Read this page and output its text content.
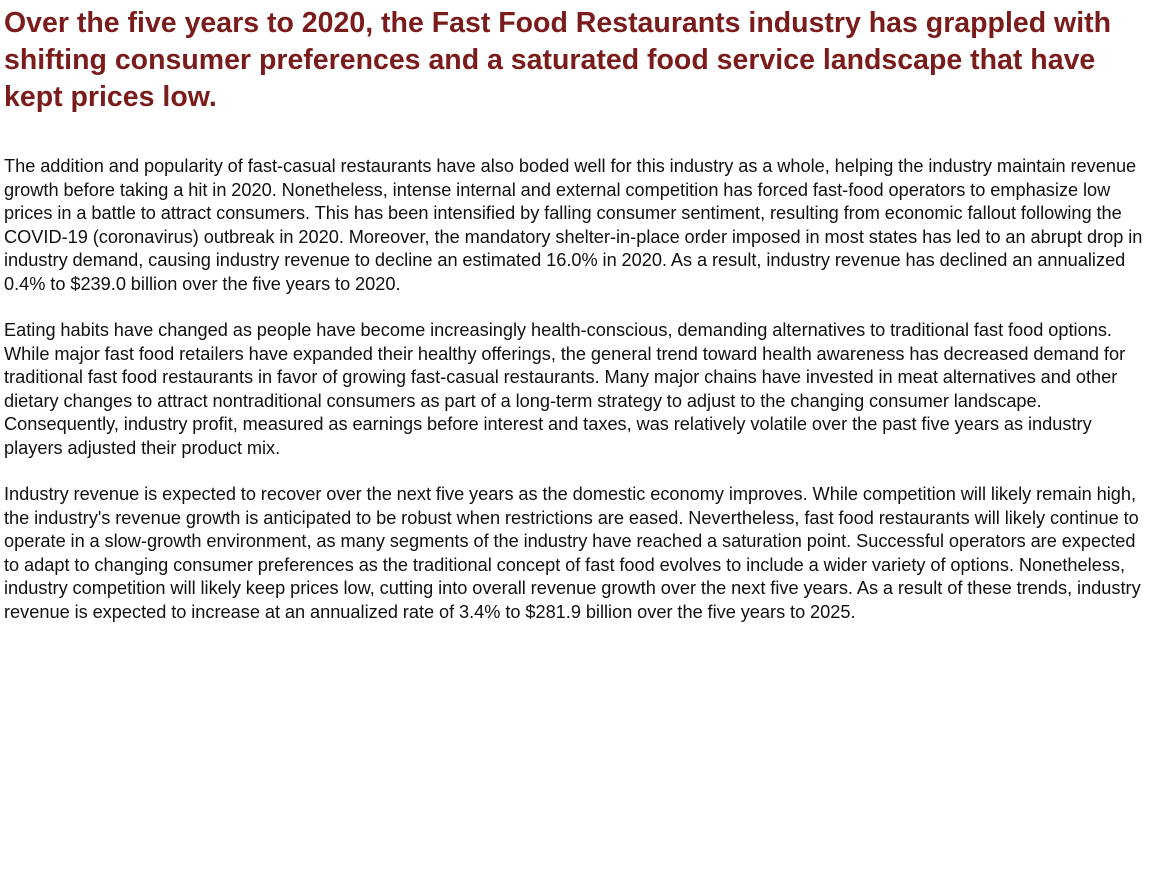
Over the five years to 2020, the Fast Food Restaurants industry has grappled with shifting consumer preferences and a saturated food service landscape that have kept prices low.

The addition and popularity of fast-casual restaurants have also boded well for this industry as a whole, helping the industry maintain revenue growth before taking a hit in 2020. Nonetheless, intense internal and external competition has forced fast-food operators to emphasize low prices in a battle to attract consumers. This has been intensified by falling consumer sentiment, resulting from economic fallout following the COVID-19 (coronavirus) outbreak in 2020. Moreover, the mandatory shelter-in-place order imposed in most states has led to an abrupt drop in industry demand, causing industry revenue to decline an estimated 16.0% in 2020. As a result, industry revenue has declined an annualized 0.4% to $239.0 billion over the five years to 2020.

Eating habits have changed as people have become increasingly health-conscious, demanding alternatives to traditional fast food options. While major fast food retailers have expanded their healthy offerings, the general trend toward health awareness has decreased demand for traditional fast food restaurants in favor of growing fast-casual restaurants. Many major chains have invested in meat alternatives and other dietary changes to attract nontraditional consumers as part of a long-term strategy to adjust to the changing consumer landscape. Consequently, industry profit, measured as earnings before interest and taxes, was relatively volatile over the past five years as industry players adjusted their product mix.

Industry revenue is expected to recover over the next five years as the domestic economy improves. While competition will likely remain high, the industry's revenue growth is anticipated to be robust when restrictions are eased. Nevertheless, fast food restaurants will likely continue to operate in a slow-growth environment, as many segments of the industry have reached a saturation point. Successful operators are expected to adapt to changing consumer preferences as the traditional concept of fast food evolves to include a wider variety of options. Nonetheless, industry competition will likely keep prices low, cutting into overall revenue growth over the next five years. As a result of these trends, industry revenue is expected to increase at an annualized rate of 3.4% to $281.9 billion over the five years to 2025.
